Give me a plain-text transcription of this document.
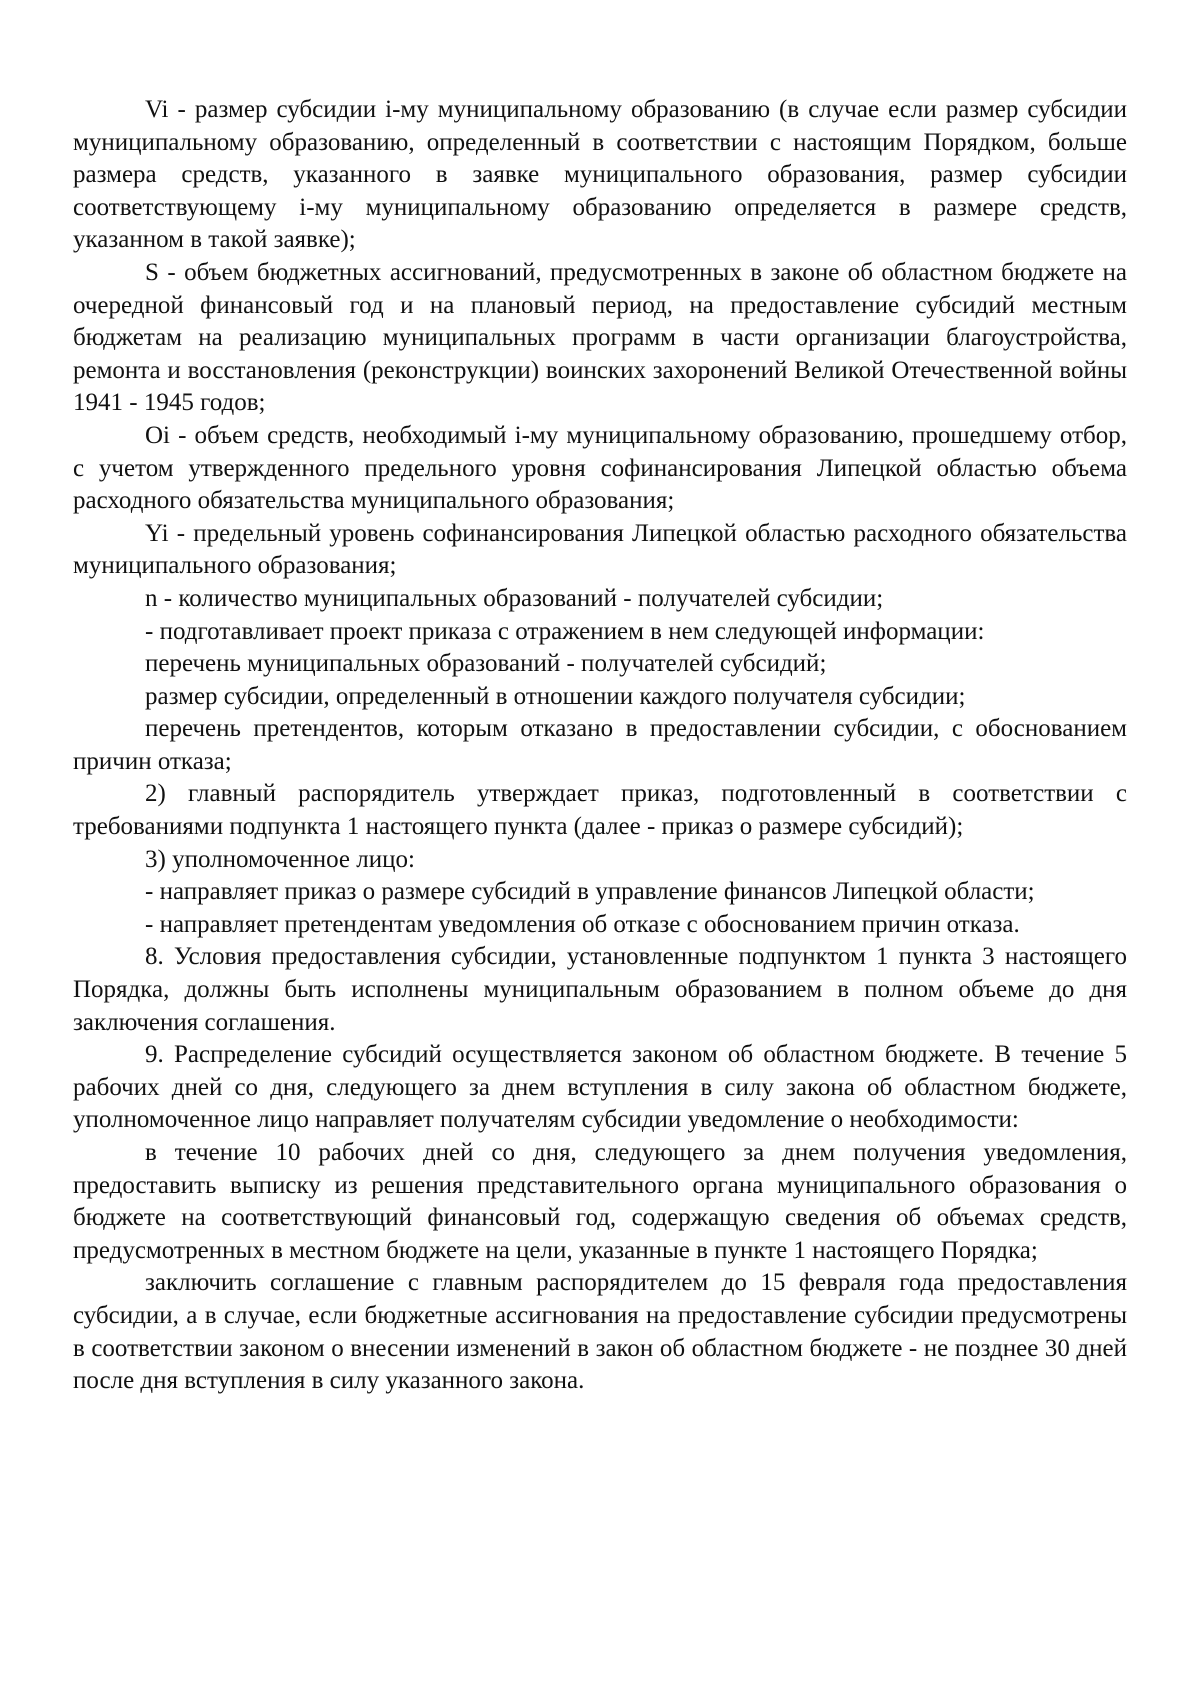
Vi - размер субсидии i-му муниципальному образованию (в случае если размер субсидии муниципальному образованию, определенный в соответствии с настоящим Порядком, больше размера средств, указанного в заявке муниципального образования, размер субсидии соответствующему i-му муниципальному образованию определяется в размере средств, указанном в такой заявке);

S - объем бюджетных ассигнований, предусмотренных в законе об областном бюджете на очередной финансовый год и на плановый период, на предоставление субсидий местным бюджетам на реализацию муниципальных программ в части организации благоустройства, ремонта и восстановления (реконструкции) воинских захоронений Великой Отечественной войны 1941 - 1945 годов;

Oi - объем средств, необходимый i-му муниципальному образованию, прошедшему отбор, с учетом утвержденного предельного уровня софинансирования Липецкой областью объема расходного обязательства муниципального образования;

Yi - предельный уровень софинансирования Липецкой областью расходного обязательства муниципального образования;

n - количество муниципальных образований - получателей субсидии;

- подготавливает проект приказа с отражением в нем следующей информации:

перечень муниципальных образований - получателей субсидий;

размер субсидии, определенный в отношении каждого получателя субсидии;

перечень претендентов, которым отказано в предоставлении субсидии, с обоснованием причин отказа;

2) главный распорядитель утверждает приказ, подготовленный в соответствии с требованиями подпункта 1 настоящего пункта (далее - приказ о размере субсидий);

3) уполномоченное лицо:

- направляет приказ о размере субсидий в управление финансов Липецкой области;

- направляет претендентам уведомления об отказе с обоснованием причин отказа.

8. Условия предоставления субсидии, установленные подпунктом 1 пункта 3 настоящего Порядка, должны быть исполнены муниципальным образованием в полном объеме до дня заключения соглашения.

9. Распределение субсидий осуществляется законом об областном бюджете. В течение 5 рабочих дней со дня, следующего за днем вступления в силу закона об областном бюджете, уполномоченное лицо направляет получателям субсидии уведомление о необходимости:

в течение 10 рабочих дней со дня, следующего за днем получения уведомления, предоставить выписку из решения представительного органа муниципального образования о бюджете на соответствующий финансовый год, содержащую сведения об объемах средств, предусмотренных в местном бюджете на цели, указанные в пункте 1 настоящего Порядка;

заключить соглашение с главным распорядителем до 15 февраля года предоставления субсидии, а в случае, если бюджетные ассигнования на предоставление субсидии предусмотрены в соответствии законом о внесении изменений в закон об областном бюджете - не позднее 30 дней после дня вступления в силу указанного закона.
